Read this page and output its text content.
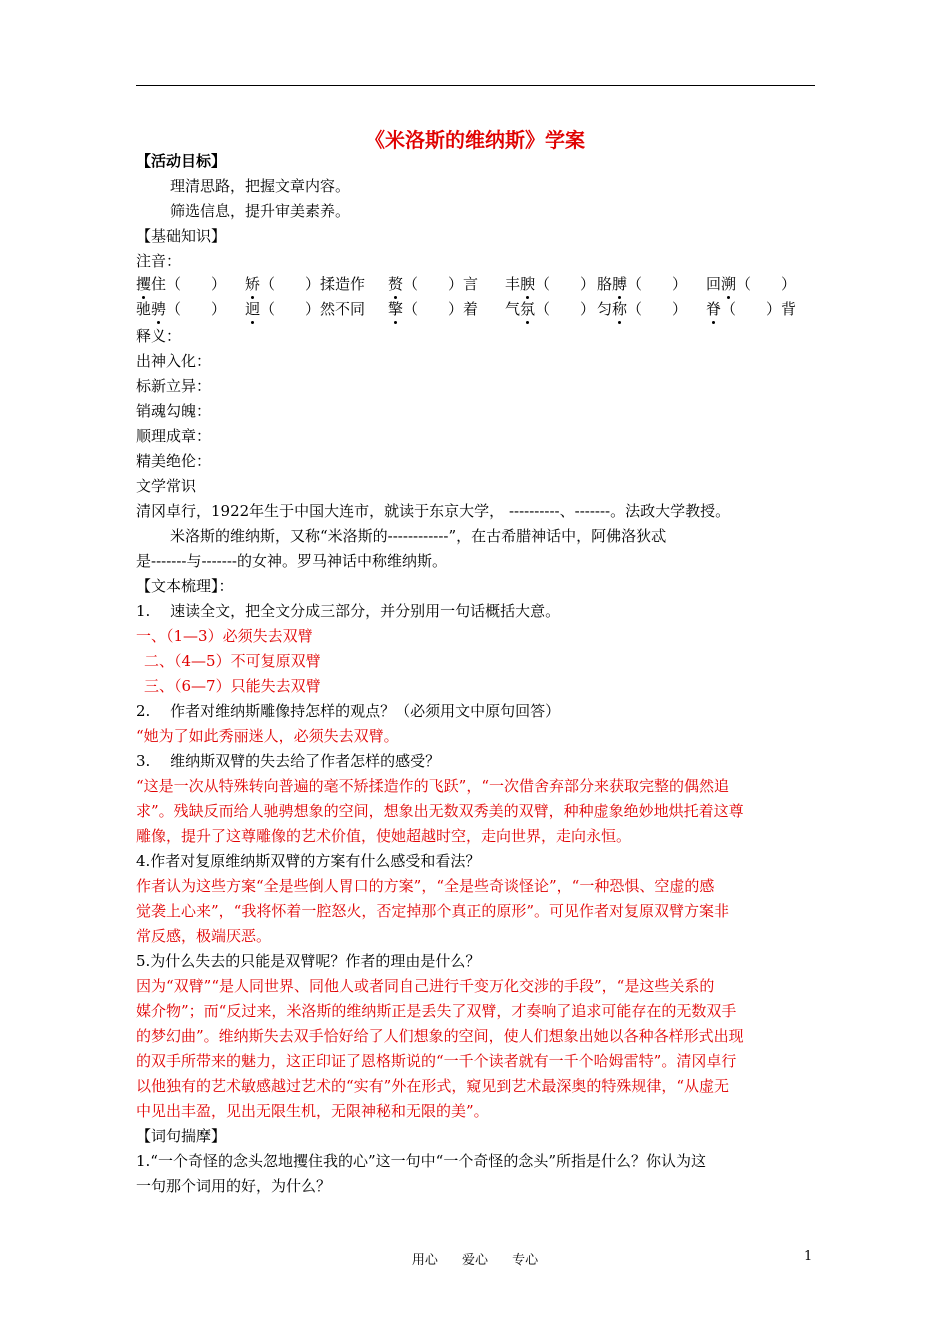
《米洛斯的维纳斯》学案
【活动目标】
理清思路，把握文章内容。
筛选信息，提升审美素养。
【基础知识】
注音：
攫住（　　） 矫（　　）揉造作 赘（　　）言 丰腴（　　） 胳膊（　　） 回溯（　　）
驰骋（　　） 迥（　　）然不同 擎（　　）着 气氛（　　） 匀称（　　） 脊（　　）背
释义：
出神入化：
标新立异：
销魂勾魄：
顺理成章：
精美绝伦：
文学常识
清冈卓行，1922年生于中国大连市，就读于东京大学， ----------、-------。法政大学教授。
米洛斯的维纳斯，又称“米洛斯的------------”，在古希腊神话中，阿佛洛狄忒
是-------与-------的女神。罗马神话中称维纳斯。
【文本梳理】：
1.　 速读全文，把全文分成三部分，并分别用一句话概括大意。
一、（1—3）必须失去双臂
二、（4—5）不可复原双臂
三、（6—7）只能失去双臂
2.　 作者对维纳斯雕像持怎样的观点？（必须用文中原句回答）
“她为了如此秀丽迷人，必须失去双臂。
3.　 维纳斯双臂的失去给了作者怎样的感受？
“这是一次从特殊转向普遍的毫不矫揉造作的飞跃”，“一次借舍弃部分来获取完整的偶然追
求”。残缺反而给人驰骋想象的空间，想象出无数双秀美的双臂，种种虚象绝妙地烘托着这尊
雕像，提升了这尊雕像的艺术价值，使她超越时空，走向世界，走向永恒。
4.作者对复原维纳斯双臂的方案有什么感受和看法？
作者认为这些方案“全是些倒人胃口的方案”，“全是些奇谈怪论”，“一种恐惧、空虚的感
觉袭上心来”，“我将怀着一腔怒火，否定掉那个真正的原形”。可见作者对复原双臂方案非
常反感，极端厌恶。
5.为什么失去的只能是双臂呢？作者的理由是什么？
因为“双臂”“是人同世界、同他人或者同自己进行千变万化交涉的手段”，“是这些关系的
媒介物”；而“反过来，米洛斯的维纳斯正是丢失了双臂，才奏响了追求可能存在的无数双手
的梦幻曲”。维纳斯失去双手恰好给了人们想象的空间，使人们想象出她以各种各样形式出现
的双手所带来的魅力，这正印证了恩格斯说的“一千个读者就有一千个哈姆雷特”。清冈卓行
以他独有的艺术敏感越过艺术的“实有”外在形式，窥见到艺术最深奥的特殊规律，“从虚无
中见出丰盈，见出无限生机，无限神秘和无限的美”。
【词句揣摩】
1.“一个奇怪的念头忽地攫住我的心”这一句中“一个奇怪的念头”所指是什么？你认为这
一句那个词用的好，为什么？
用心 爱心 专心	1
